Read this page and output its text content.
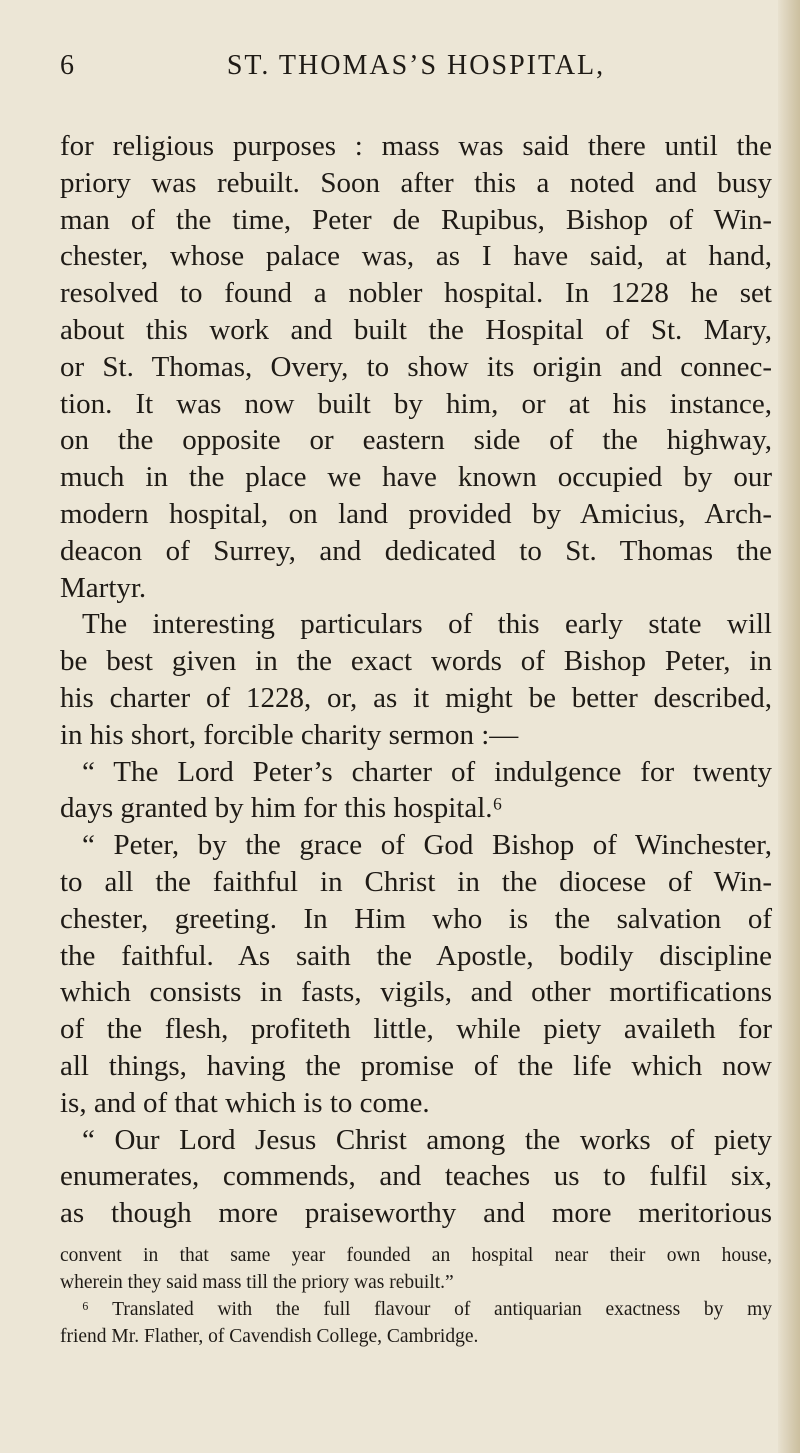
6	ST. THOMAS’S HOSPITAL,
for religious purposes : mass was said there until the
priory was rebuilt. Soon after this a noted and busy
man of the time, Peter de Rupibus, Bishop of Win-
chester, whose palace was, as I have said, at hand,
resolved to found a nobler hospital. In 1228 he set
about this work and built the Hospital of St. Mary,
or St. Thomas, Overy, to show its origin and connec-
tion. It was now built by him, or at his instance,
on the opposite or eastern side of the highway,
much in the place we have known occupied by our
modern hospital, on land provided by Amicius, Arch-
deacon of Surrey, and dedicated to St. Thomas the
Martyr.
The interesting particulars of this early state will
be best given in the exact words of Bishop Peter, in
his charter of 1228, or, as it might be better described,
in his short, forcible charity sermon :—
“ The Lord Peter’s charter of indulgence for twenty
days granted by him for this hospital.⁶
“ Peter, by the grace of God Bishop of Winchester,
to all the faithful in Christ in the diocese of Win-
chester, greeting. In Him who is the salvation of
the faithful. As saith the Apostle, bodily discipline
which consists in fasts, vigils, and other mortifications
of the flesh, profiteth little, while piety availeth for
all things, having the promise of the life which now
is, and of that which is to come.
“ Our Lord Jesus Christ among the works of piety
enumerates, commends, and teaches us to fulfil six,
as though more praiseworthy and more meritorious
convent in that same year founded an hospital near their own house,
wherein they said mass till the priory was rebuilt.”
⁶ Translated with the full flavour of antiquarian exactness by my
friend Mr. Flather, of Cavendish College, Cambridge.
